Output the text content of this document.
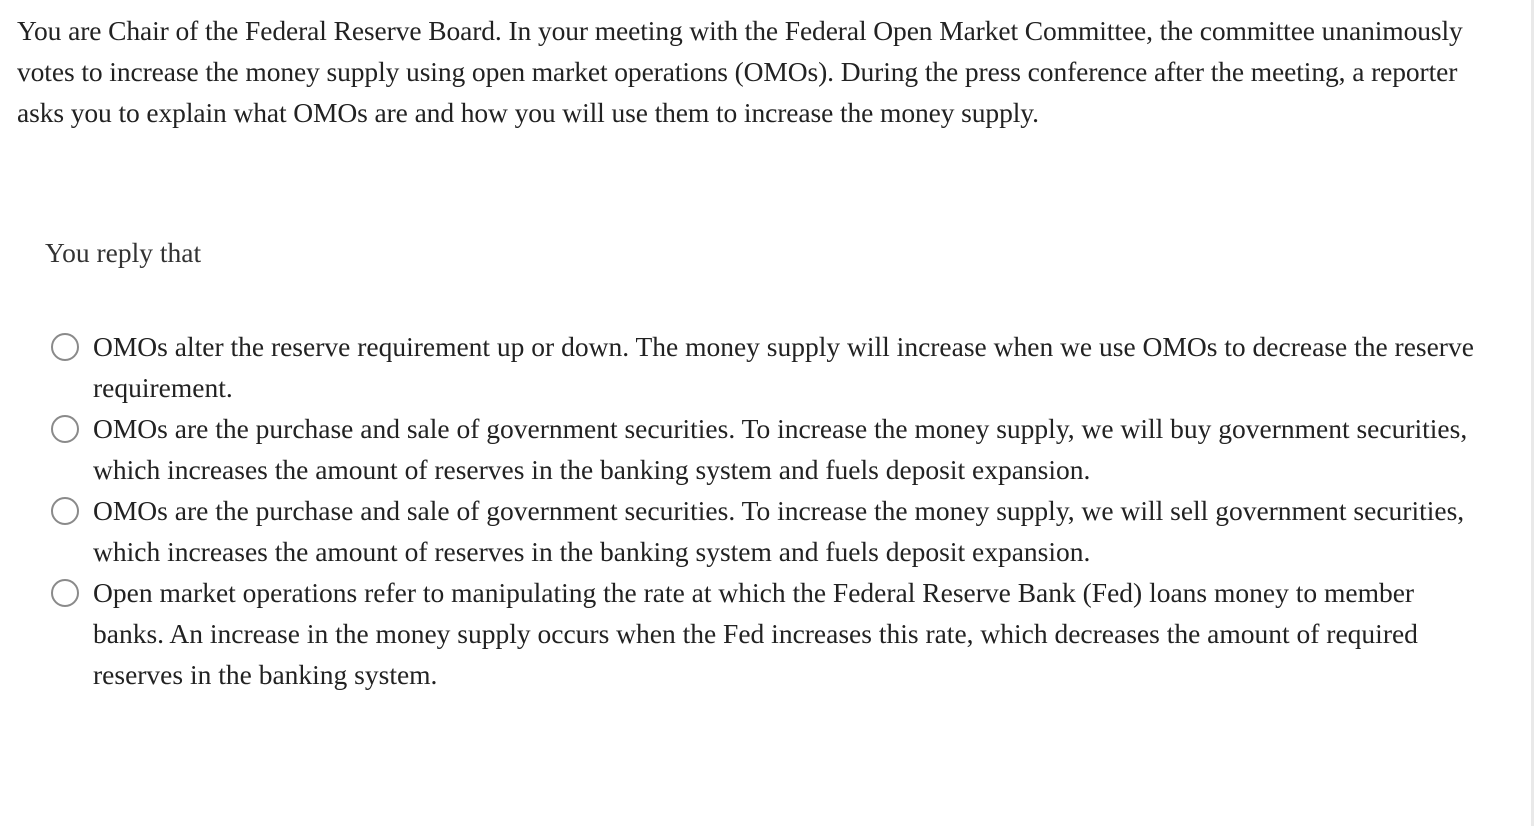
You are Chair of the Federal Reserve Board. In your meeting with the Federal Open Market Committee, the committee unanimously votes to increase the money supply using open market operations (OMOs). During the press conference after the meeting, a reporter asks you to explain what OMOs are and how you will use them to increase the money supply.

You reply that

OMOs alter the reserve requirement up or down. The money supply will increase when we use OMOs to decrease the reserve requirement.
OMOs are the purchase and sale of government securities. To increase the money supply, we will buy government securities, which increases the amount of reserves in the banking system and fuels deposit expansion.
OMOs are the purchase and sale of government securities. To increase the money supply, we will sell government securities, which increases the amount of reserves in the banking system and fuels deposit expansion.
Open market operations refer to manipulating the rate at which the Federal Reserve Bank (Fed) loans money to member banks. An increase in the money supply occurs when the Fed increases this rate, which decreases the amount of required reserves in the banking system.
